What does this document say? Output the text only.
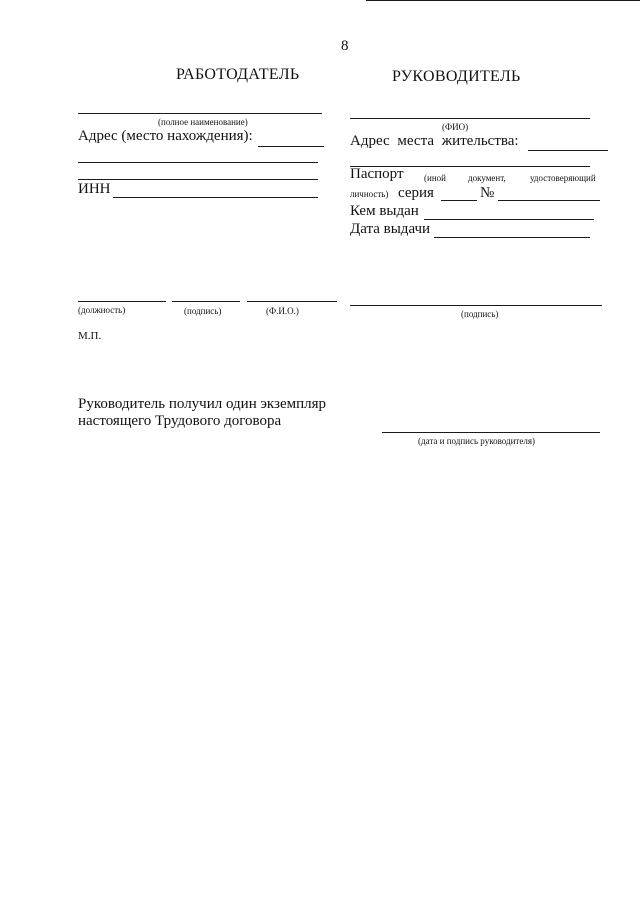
8
РАБОТОДАТЕЛЬ	РУКОВОДИТЕЛЬ
(полное наименование)
Адрес (место нахождения):
ИНН
(должность)	(подпись)	(Ф.И.О.)
М.П.
(ФИО)
Адрес места жительства:
Паспорт (иной документ,	удостоверяющий
личность) серия	№
Кем выдан
Дата выдачи
(подпись)
Руководитель получил один экземпляр
настоящего Трудового договора
(дата и подпись руководителя)
